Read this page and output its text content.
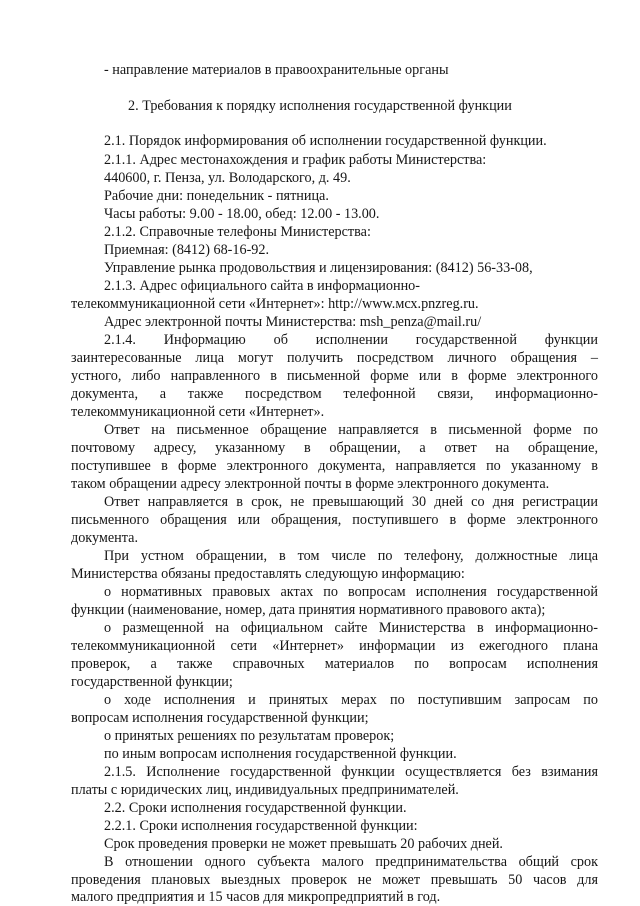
- направление материалов в правоохранительные органы
2. Требования к порядку исполнения государственной функции
2.1. Порядок информирования об исполнении государственной функции.
2.1.1. Адрес местонахождения и график работы Министерства:
440600, г. Пенза, ул. Володарского, д. 49.
Рабочие дни: понедельник - пятница.
Часы работы: 9.00 - 18.00, обед: 12.00 - 13.00.
2.1.2. Справочные телефоны Министерства:
Приемная: (8412) 68-16-92.
Управление рынка продовольствия и лицензирования: (8412) 56-33-08,
2.1.3. Адрес официального сайта в информационно-
телекоммуникационной сети «Интернет»: http://www.мсх.pnzreg.ru.
Адрес электронной почты Министерства: msh_penza@mail.ru/
2.1.4. Информацию об исполнении государственной функции
заинтересованные лица могут получить посредством личного обращения –
устного, либо направленного в письменной форме или в форме электронного
документа, а также посредством телефонной связи, информационно-
телекоммуникационной сети «Интернет».
Ответ на письменное обращение направляется в письменной форме по
почтовому адресу, указанному в обращении, а ответ на обращение,
поступившее в форме электронного документа, направляется по указанному в
таком обращении адресу электронной почты в форме электронного документа.
Ответ направляется в срок, не превышающий 30 дней со дня регистрации
письменного обращения или обращения, поступившего в форме электронного
документа.
При устном обращении, в том числе по телефону, должностные лица
Министерства обязаны предоставлять следующую информацию:
о нормативных правовых актах по вопросам исполнения государственной
функции (наименование, номер, дата принятия нормативного правового акта);
о размещенной на официальном сайте Министерства в информационно-
телекоммуникационной сети «Интернет» информации из ежегодного плана
проверок, а также справочных материалов по вопросам исполнения
государственной функции;
о ходе исполнения и принятых мерах по поступившим запросам по
вопросам исполнения государственной функции;
о принятых решениях по результатам проверок;
по иным вопросам исполнения государственной функции.
2.1.5. Исполнение государственной функции осуществляется без взимания
платы с юридических лиц, индивидуальных предпринимателей.
2.2. Сроки исполнения государственной функции.
2.2.1. Сроки исполнения государственной функции:
Срок проведения проверки не может превышать 20 рабочих дней.
В отношении одного субъекта малого предпринимательства общий срок
проведения плановых выездных проверок не может превышать 50 часов для
малого предприятия и 15 часов для микропредприятий в год.
